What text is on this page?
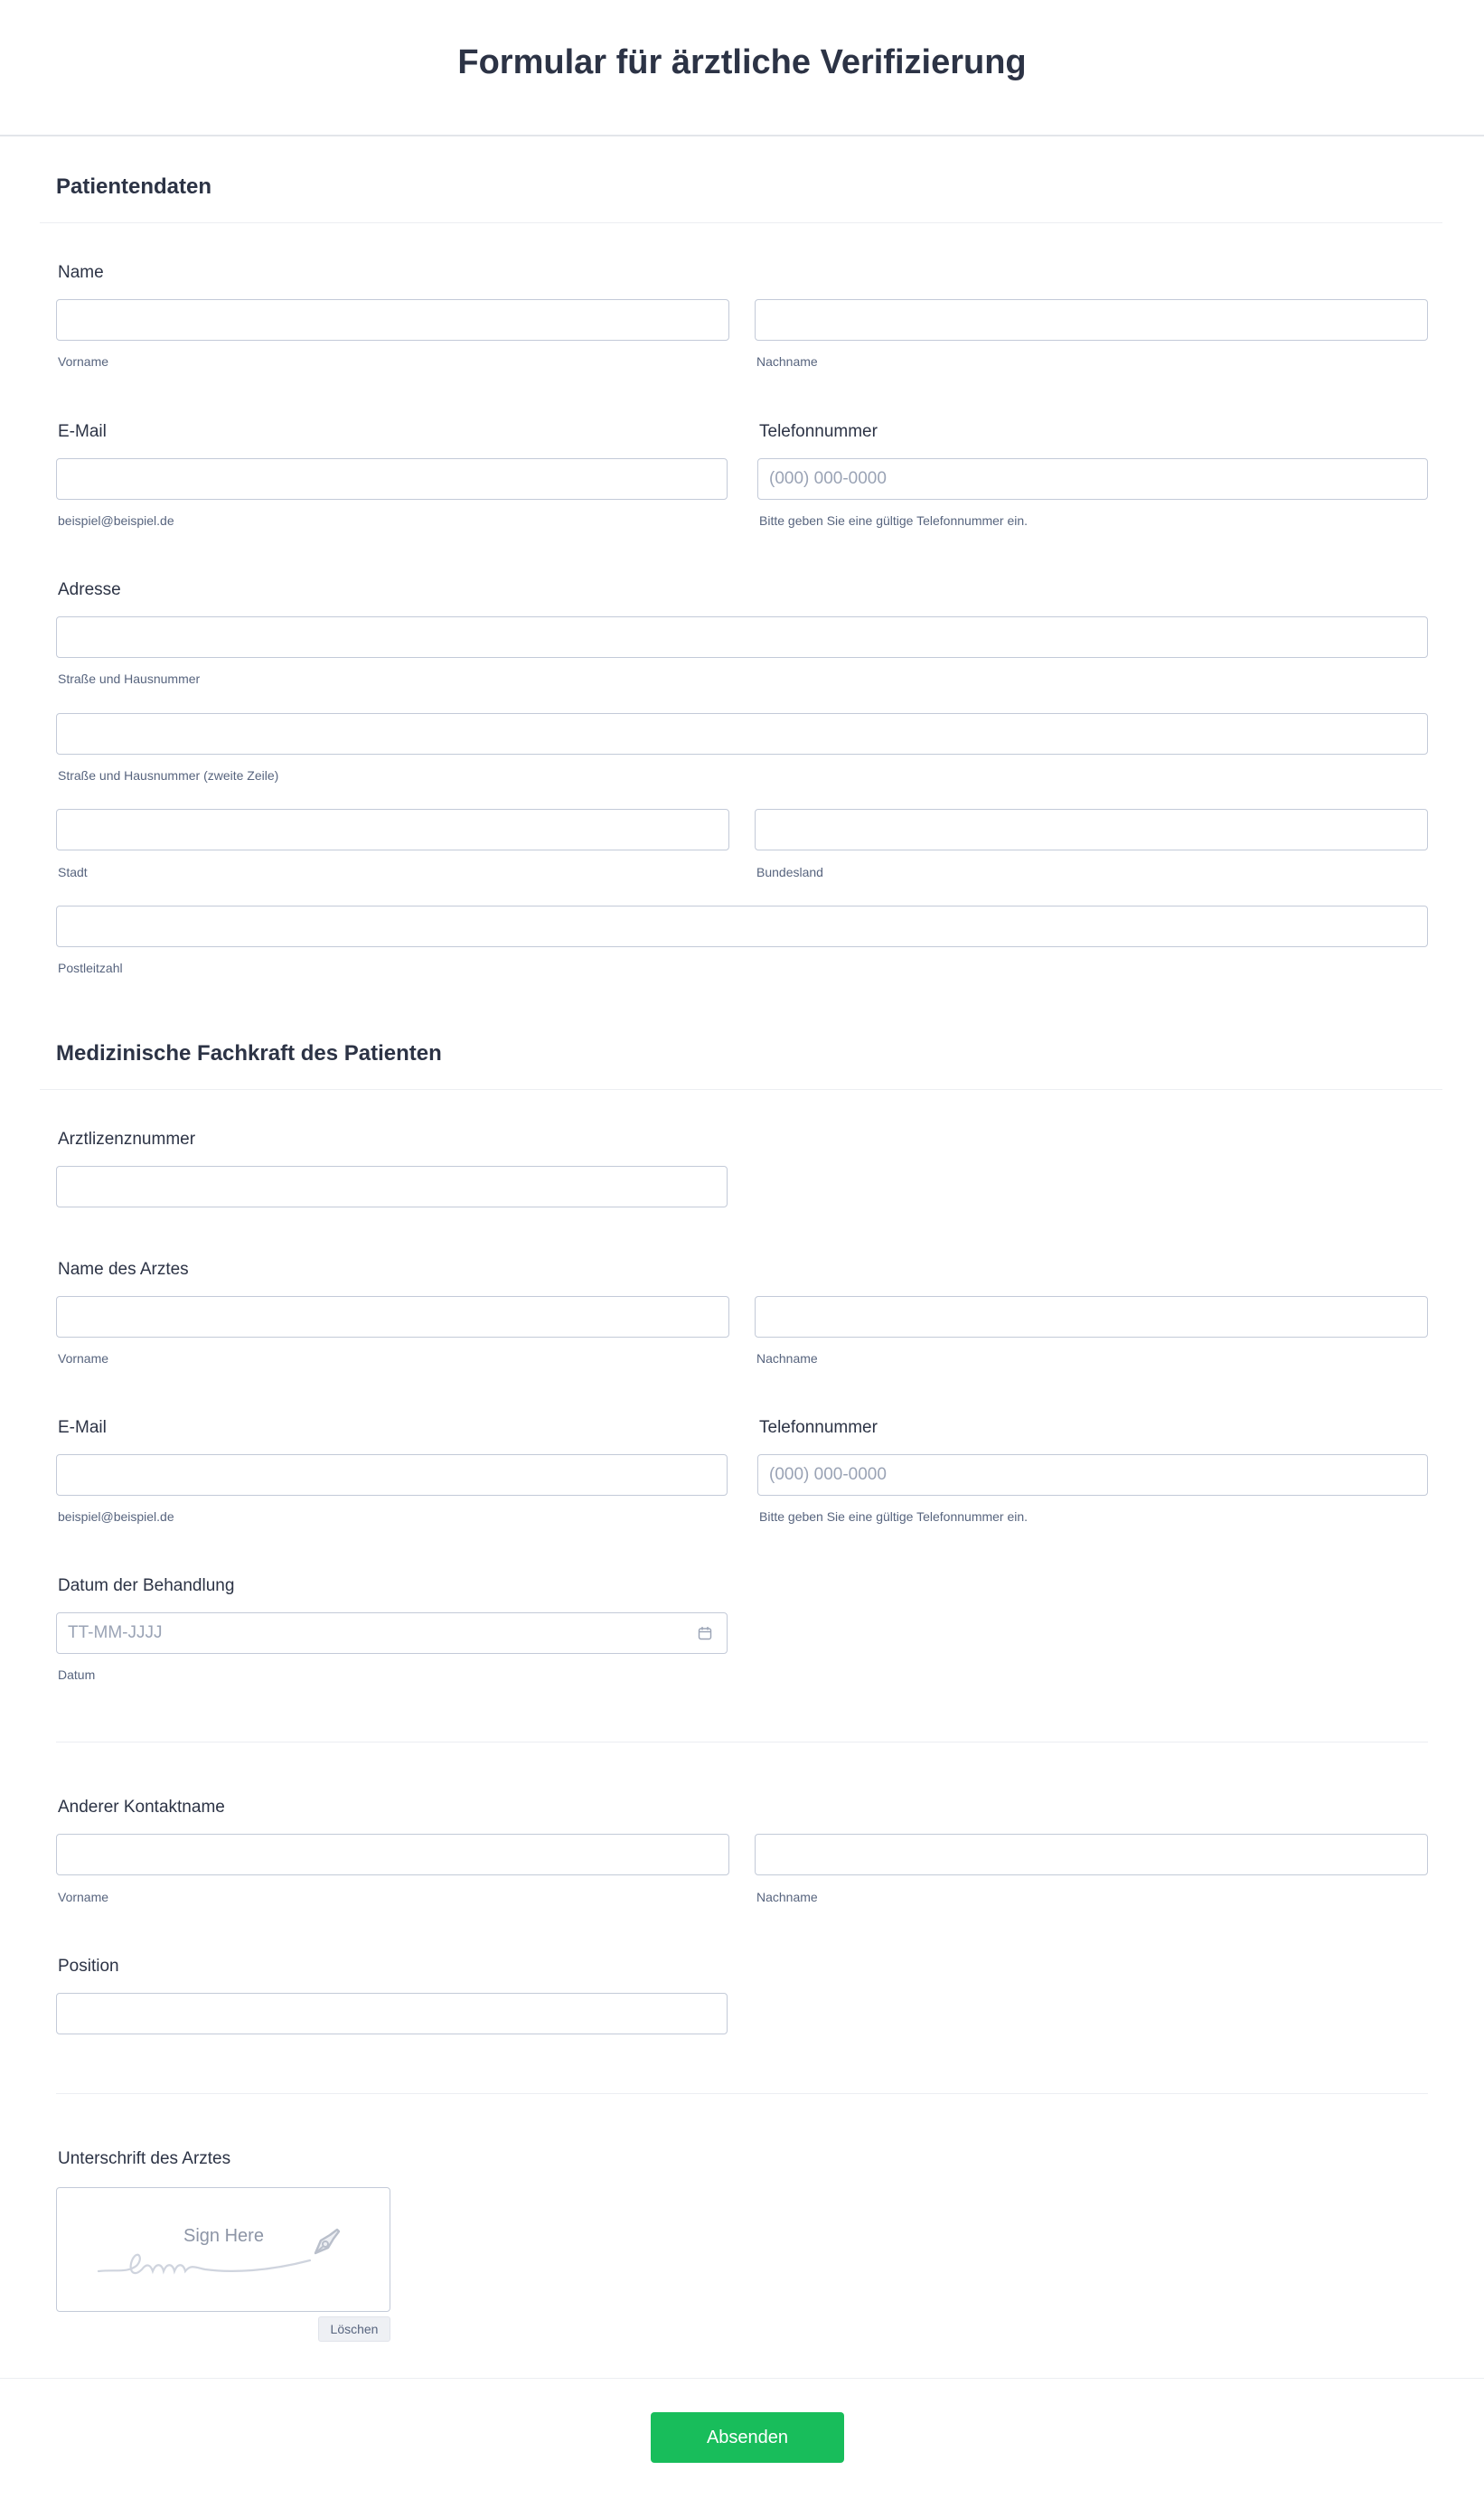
Formular für ärztliche Verifizierung
Patientendaten
Name
Vorname	Nachname
E-Mail
beispiel@beispiel.de
Telefonnummer
(000) 000-0000
Bitte geben Sie eine gültige Telefonnummer ein.
Adresse
Straße und Hausnummer
Straße und Hausnummer (zweite Zeile)
Stadt	Bundesland
Postleitzahl
Medizinische Fachkraft des Patienten
Arztlizenznummer
Name des Arztes
Vorname	Nachname
E-Mail
beispiel@beispiel.de
Telefonnummer
(000) 000-0000
Bitte geben Sie eine gültige Telefonnummer ein.
Datum der Behandlung
TT-MM-JJJJ
Datum
Anderer Kontaktname
Vorname	Nachname
Position
Unterschrift des Arztes
Sign Here
Löschen
Absenden
